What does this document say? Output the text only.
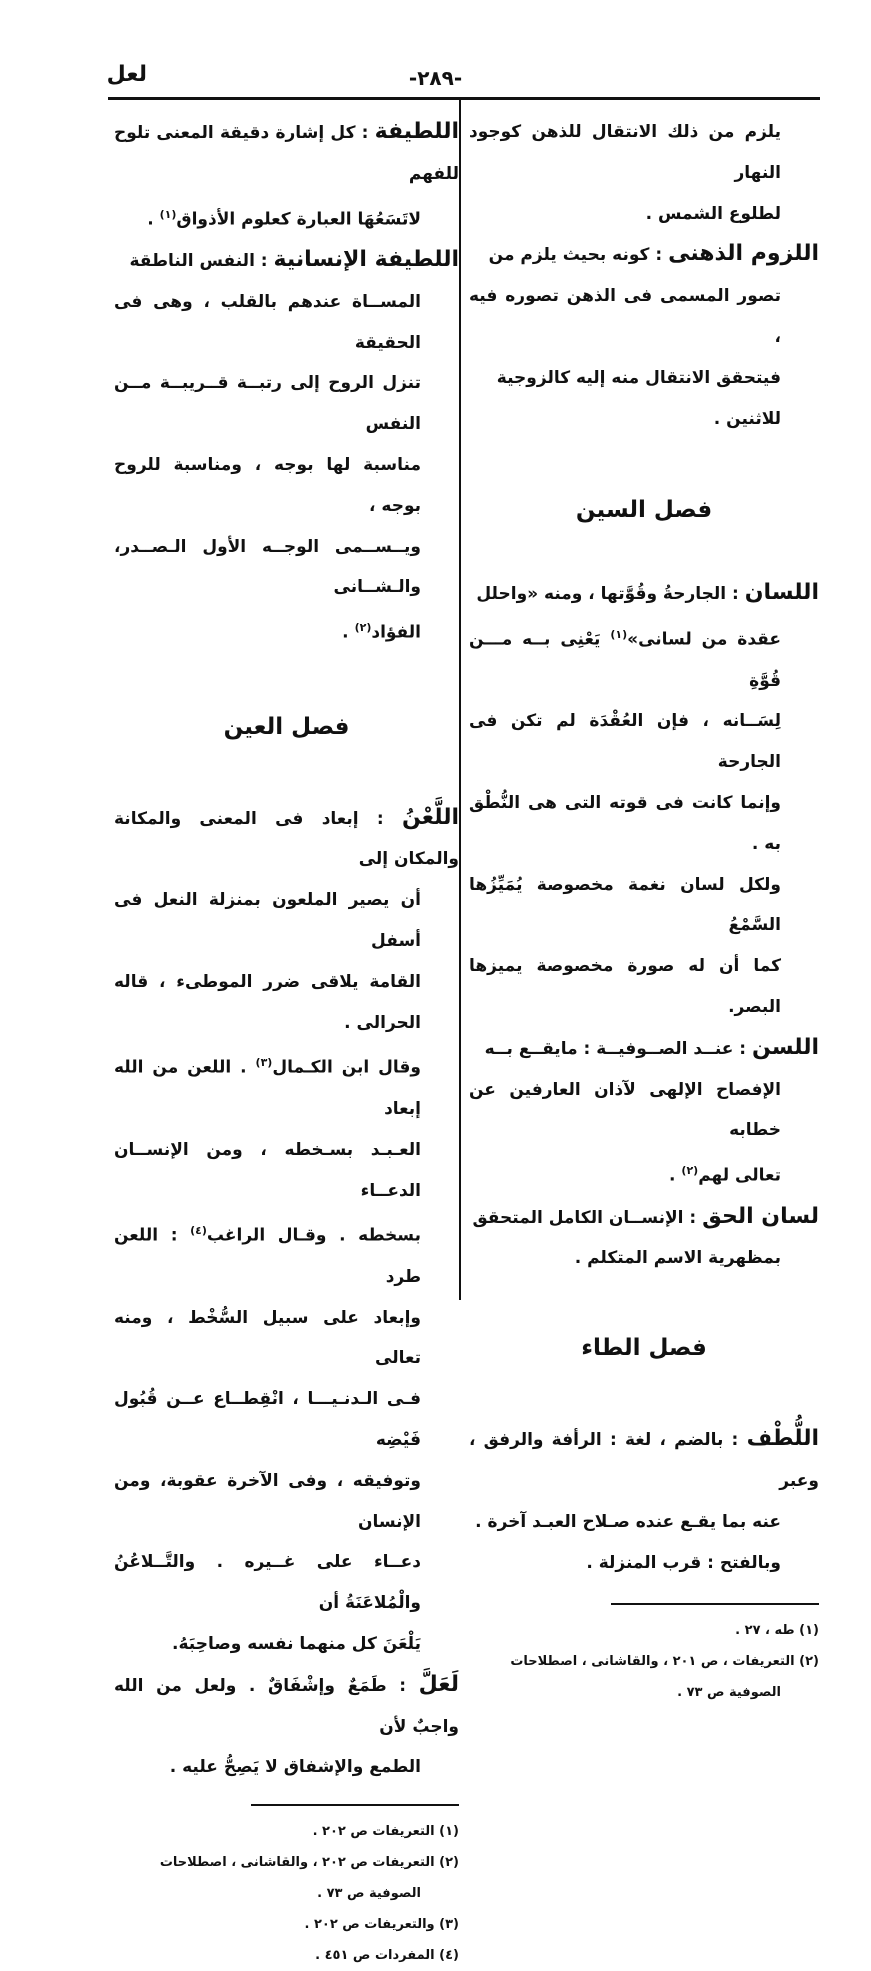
لعل	-٢٨٩-

يلزم من ذلك الانتقال للذهن كوجود النهار
لطلوع الشمس .

اللزوم الذهنى : كونه بحيث يلزم من
تصور المسمى فى الذهن تصوره فيه ،
فيتحقق الانتقال منه إليه كالزوجية
للاثنين .

فصل السين

اللسان : الجارحةُ وقُوَّتها ، ومنه «واحلل
عقدة من لسانى»$^{(١)}$ يَعْنِى بــه مـــن قُوَّةِ
لِسَــانه ، فإن العُقْدَة لم تكن فى الجارحة
وإنما كانت فى قوته التى هى النُّطْق به .
ولكل لسان نغمة مخصوصة يُمَيِّزُها السَّمْعُ
كما أن له صورة مخصوصة يميزها البصر.

اللسن : عنــد الصــوفيــة : مايقــع بــه
الإفصاح الإلهى لآذان العارفين عن خطابه
تعالى لهم$^{(٢)}$ .

لسان الحق : الإنســان الكامل المتحقق
بمظهرية الاسم المتكلم .

فصل الطاء

اللُّطْف : بالضم ، لغة : الرأفة والرفق ، وعبر
عنه بما يقـع عنده صـلاح العبـد آخرة .
وبالفتح : قرب المنزلة .

(١) طه ، ٢٧ .

(٢) التعريفات ، ص ٢٠١ ، والقاشانى ، اصطلاحات
الصوفية ص ٧٣ .

اللطيفة : كل إشارة دقيقة المعنى تلوح للفهم
لاتَسَعُهَا العبارة كعلوم الأذواق$^{(١)}$ .

اللطيفة الإنسانية : النفس الناطقة
المســاة عندهم بالقلب ، وهى فى الحقيقة
تنزل الروح إلى رتبــة قــريبــة مــن النفس
مناسبة لها بوجه ، ومناسبة للروح بوجه ،
ويــســمى الوجــه الأول الـصــدر، والـشــانى
الفؤاد$^{(٢)}$ .

فصل العين

اللَّعْنُ : إبعاد فى المعنى والمكانة والمكان إلى
أن يصير الملعون بمنزلة النعل فى أسفل
القامة يلاقى ضرر الموطىء ، قاله الحرالى .
وقال ابن الكـمال$^{(٣)}$ . اللعن من الله إبعاد
العـبـد بسـخطه ، ومن الإنســان الدعــاء
بسخطه . وقـال الراغب$^{(٤)}$ : اللعن طرد
وإبعاد على سبيل السُّخْط ، ومنه تعالى
فـى الـدنـيـــا ، انْقِطــاع عــن قُبُول فَيْضِه
وتوفيقه ، وفى الآخرة عقوبة، ومن الإنسان
دعــاء على غــيره . والتَّــلاعُنُ والْمُلاعَنَةُ أن
يَلْعَنَ كل منهما نفسه وصاحِبَهُ.

لَعَلَّ : طَمَعٌ وإشْفَاقٌ . ولعل من الله واجبٌ لأن
الطمع والإشفاق لا يَصِحُّ عليه .

(١) التعريفات ص ٢٠٢ .

(٢) التعريفات ص ٢٠٢ ، والقاشانى ، اصطلاحات
الصوفية ص ٧٣ .

(٣) والتعريفات ص ٢٠٢ .

(٤) المفردات ص ٤٥١ .
